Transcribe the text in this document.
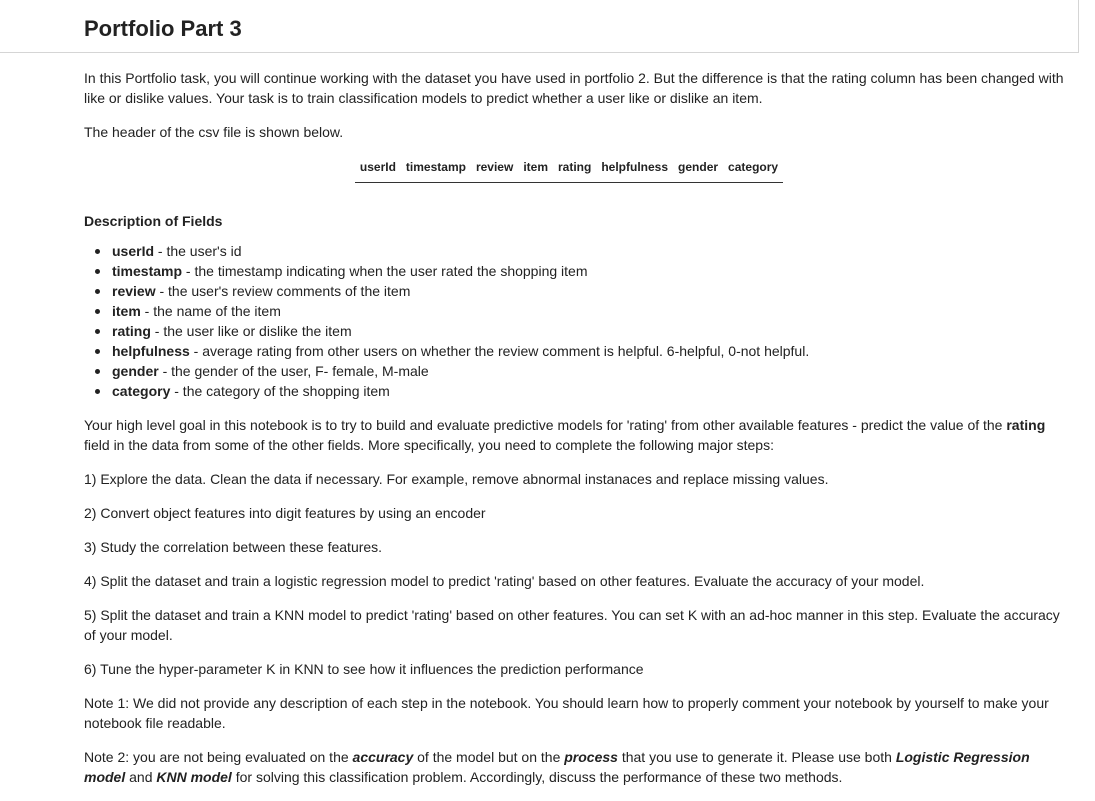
Portfolio Part 3

In this Portfolio task, you will continue working with the dataset you have used in portfolio 2. But the difference is that the rating column has been changed with like or dislike values. Your task is to train classification models to predict whether a user like or dislike an item.

The header of the csv file is shown below.

userId timestamp review item rating helpfulness gender category
Description of Fields
userId - the user's id
timestamp - the timestamp indicating when the user rated the shopping item
review - the user's review comments of the item
item - the name of the item
rating - the user like or dislike the item
helpfulness - average rating from other users on whether the review comment is helpful. 6-helpful, 0-not helpful.
gender - the gender of the user, F- female, M-male
category - the category of the shopping item

Your high level goal in this notebook is to try to build and evaluate predictive models for 'rating' from other available features - predict the value of the rating field in the data from some of the other fields. More specifically, you need to complete the following major steps:

1) Explore the data. Clean the data if necessary. For example, remove abnormal instanaces and replace missing values.

2) Convert object features into digit features by using an encoder

3) Study the correlation between these features.

4) Split the dataset and train a logistic regression model to predict 'rating' based on other features. Evaluate the accuracy of your model.

5) Split the dataset and train a KNN model to predict 'rating' based on other features. You can set K with an ad-hoc manner in this step. Evaluate the accuracy of your model.

6) Tune the hyper-parameter K in KNN to see how it influences the prediction performance

Note 1: We did not provide any description of each step in the notebook. You should learn how to properly comment your notebook by yourself to make your notebook file readable.

Note 2: you are not being evaluated on the accuracy of the model but on the process that you use to generate it. Please use both Logistic Regression model and KNN model for solving this classification problem. Accordingly, discuss the performance of these two methods.
